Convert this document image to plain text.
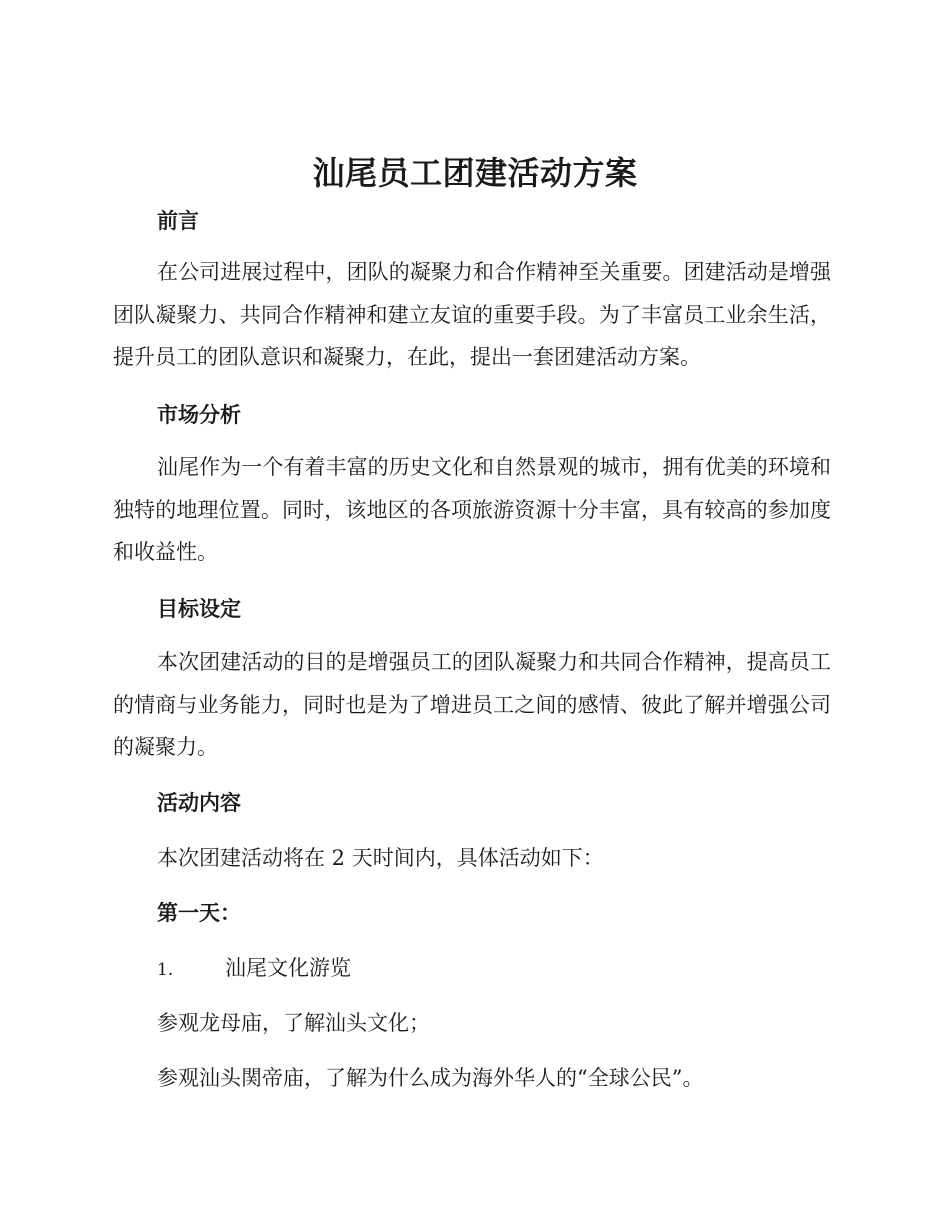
汕尾员工团建活动方案
前言

在公司进展过程中，团队的凝聚力和合作精神至关重要。团建活动是增强团队凝聚力、共同合作精神和建立友谊的重要手段。为了丰富员工业余生活，提升员工的团队意识和凝聚力，在此，提出一套团建活动方案。

市场分析

汕尾作为一个有着丰富的历史文化和自然景观的城市，拥有优美的环境和独特的地理位置。同时，该地区的各项旅游资源十分丰富，具有较高的参加度和收益性。

目标设定

本次团建活动的目的是增强员工的团队凝聚力和共同合作精神，提高员工的情商与业务能力，同时也是为了增进员工之间的感情、彼此了解并增强公司的凝聚力。

活动内容

本次团建活动将在 2 天时间内，具体活动如下：

第一天：

1. 汕尾文化游览

参观龙母庙，了解汕头文化；

参观汕头関帝庙，了解为什么成为海外华人的“全球公民”。
